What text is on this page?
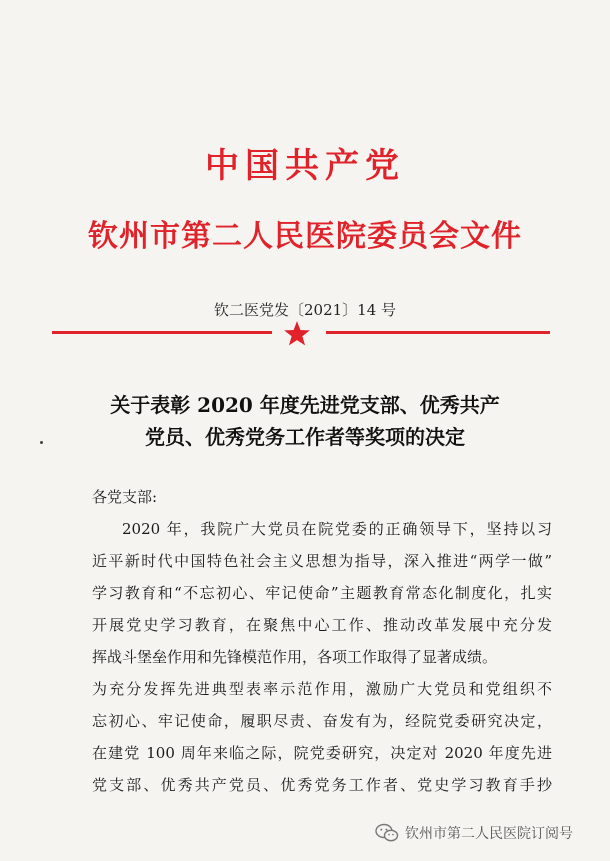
中国共产党
钦州市第二人民医院委员会文件
钦二医党发〔2021〕14 号
关于表彰 2020 年度先进党支部、优秀共产
党员、优秀党务工作者等奖项的决定
各党支部:
2020 年，我院广大党员在院党委的正确领导下，坚持以习
近平新时代中国特色社会主义思想为指导，深入推进“两学一做”
学习教育和“不忘初心、牢记使命”主题教育常态化制度化，扎实
开展党史学习教育，在聚焦中心工作、推动改革发展中充分发
挥战斗堡垒作用和先锋模范作用，各项工作取得了显著成绩。
为充分发挥先进典型表率示范作用，激励广大党员和党组织不
忘初心、牢记使命，履职尽责、奋发有为，经院党委研究决定，
在建党 100 周年来临之际，院党委研究，决定对 2020 年度先进
党支部、优秀共产党员、优秀党务工作者、党史学习教育手抄
钦州市第二人民医院订阅号
